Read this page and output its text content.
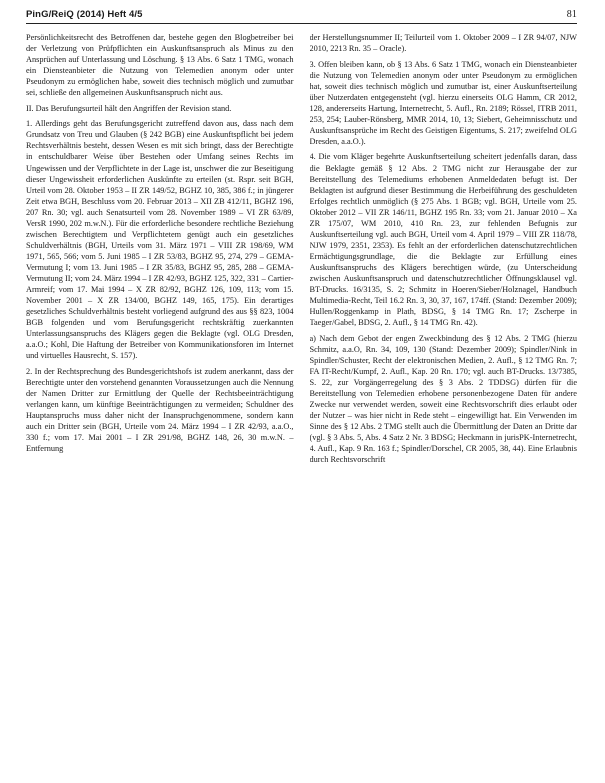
PinG/ReiQ (2014) Heft 4/5	81

Persönlichkeitsrecht des Betroffenen dar, bestehe gegen den Blogbetreiber bei der Verletzung von Prüfpflichten ein Auskunftsanspruch als Minus zu den Ansprüchen auf Unterlassung und Löschung. § 13 Abs. 6 Satz 1 TMG, wonach ein Diensteanbieter die Nutzung von Telemedien anonym oder unter Pseudonym zu ermöglichen habe, soweit dies technisch möglich und zumutbar sei, schließe den allgemeinen Auskunftsanspruch nicht aus.

II. Das Berufungsurteil hält den Angriffen der Revision stand.

1. Allerdings geht das Berufungsgericht zutreffend davon aus, dass nach dem Grundsatz von Treu und Glauben (§ 242 BGB) eine Auskunftspflicht bei jedem Rechtsverhältnis besteht, dessen Wesen es mit sich bringt, dass der Berechtigte in entschuldbarer Weise über Bestehen oder Umfang seines Rechts im Ungewissen und der Verpflichtete in der Lage ist, unschwer die zur Beseitigung dieser Ungewissheit erforderlichen Auskünfte zu erteilen (st. Rspr. seit BGH, Urteil vom 28. Oktober 1953 – II ZR 149/52, BGHZ 10, 385, 386 f.; in jüngerer Zeit etwa BGH, Beschluss vom 20. Februar 2013 – XII ZB 412/11, BGHZ 196, 207 Rn. 30; vgl. auch Senatsurteil vom 28. November 1989 – VI ZR 63/89, VersR 1990, 202 m.w.N.). Für die erforderliche besondere rechtliche Beziehung zwischen Berechtigtem und Verpflichtetem genügt auch ein gesetzliches Schuldverhältnis (BGH, Urteils vom 31. März 1971 – VIII ZR 198/69, WM 1971, 565, 566; vom 5. Juni 1985 – I ZR 53/83, BGHZ 95, 274, 279 – GEMA-Vermutung I; vom 13. Juni 1985 – I ZR 35/83, BGHZ 95, 285, 288 – GEMA-Vermutung II; vom 24. März 1994 – I ZR 42/93, BGHZ 125, 322, 331 – Cartier-Armreif; vom 17. Mai 1994 – X ZR 82/92, BGHZ 126, 109, 113; vom 15. November 2001 – X ZR 134/00, BGHZ 149, 165, 175). Ein derartiges gesetzliches Schuldverhältnis besteht vorliegend aufgrund des aus §§ 823, 1004 BGB folgenden und vom Berufungsgericht rechtskräftig zuerkannten Unterlassungsanspruchs des Klägers gegen die Beklagte (vgl. OLG Dresden, a.a.O.; Kohl, Die Haftung der Betreiber von Kommunikationsforen im Internet und virtuelles Hausrecht, S. 157).

2. In der Rechtsprechung des Bundesgerichtshofs ist zudem anerkannt, dass der Berechtigte unter den vorstehend genannten Voraussetzungen auch die Nennung der Namen Dritter zur Ermittlung der Quelle der Rechtsbeeinträchtigung verlangen kann, um künftige Beeinträchtigungen zu vermeiden; Schuldner des Hauptanspruchs muss daher nicht der Inanspruchgenommene, sondern kann auch ein Dritter sein (BGH, Urteile vom 24. März 1994 – I ZR 42/93, a.a.O., 330 f.; vom 17. Mai 2001 – I ZR 291/98, BGHZ 148, 26, 30 m.w.N. – Entfernung

der Herstellungsnummer II; Teilurteil vom 1. Oktober 2009 – I ZR 94/07, NJW 2010, 2213 Rn. 35 – Oracle).

3. Offen bleiben kann, ob § 13 Abs. 6 Satz 1 TMG, wonach ein Diensteanbieter die Nutzung von Telemedien anonym oder unter Pseudonym zu ermöglichen hat, soweit dies technisch möglich und zumutbar ist, einer Auskunftserteilung über Nutzerdaten entgegensteht (vgl. hierzu einerseits OLG Hamm, CR 2012, 128, andererseits Hartung, Internetrecht, 5. Aufl., Rn. 2189; Rössel, ITRB 2011, 253, 254; Lauber-Rönsberg, MMR 2014, 10, 13; Siebert, Geheimnisschutz und Auskunftsansprüche im Recht des Geistigen Eigentums, S. 217; zweifelnd OLG Dresden, a.a.O.).

4. Die vom Kläger begehrte Auskunftserteilung scheitert jedenfalls daran, dass die Beklagte gemäß § 12 Abs. 2 TMG nicht zur Herausgabe der zur Bereitstellung des Telemediums erhobenen Anmeldedaten befugt ist. Der Beklagten ist aufgrund dieser Bestimmung die Herbeiführung des geschuldeten Erfolges rechtlich unmöglich (§ 275 Abs. 1 BGB; vgl. BGH, Urteile vom 25. Oktober 2012 – VII ZR 146/11, BGHZ 195 Rn. 33; vom 21. Januar 2010 – Xa ZR 175/07, WM 2010, 410 Rn. 23, zur fehlenden Befugnis zur Auskunftserteilung vgl. auch BGH, Urteil vom 4. April 1979 – VIII ZR 118/78, NJW 1979, 2351, 2353). Es fehlt an der erforderlichen datenschutzrechtlichen Ermächtigungsgrundlage, die die Beklagte zur Erfüllung eines Auskunftsanspruchs des Klägers berechtigen würde, (zu Unterscheidung zwischen Auskunftsanspruch und datenschutzrechtlicher Öffnungsklausel vgl. BT-Drucks. 16/3135, S. 2; Schmitz in Hoeren/Sieber/Holznagel, Handbuch Multimedia-Recht, Teil 16.2 Rn. 3, 30, 37, 167, 174ff. (Stand: Dezember 2009); Hullen/Roggenkamp in Plath, BDSG, § 14 TMG Rn. 17; Zscherpe in Taeger/Gabel, BDSG, 2. Aufl., § 14 TMG Rn. 42).

a) Nach dem Gebot der engen Zweckbindung des § 12 Abs. 2 TMG (hierzu Schmitz, a.a.O, Rn. 34, 109, 130 (Stand: Dezember 2009); Spindler/Nink in Spindler/Schuster, Recht der elektronischen Medien, 2. Aufl., § 12 TMG Rn. 7; FA IT-Recht/Kumpf, 2. Aufl., Kap. 20 Rn. 170; vgl. auch BT-Drucks. 13/7385, S. 22, zur Vorgängerregelung des § 3 Abs. 2 TDDSG) dürfen für die Bereitstellung von Telemedien erhobene personenbezogene Daten für andere Zwecke nur verwendet werden, soweit eine Rechtsvorschrift dies erlaubt oder der Nutzer – was hier nicht in Rede steht – eingewilligt hat. Ein Verwenden im Sinne des § 12 Abs. 2 TMG stellt auch die Übermittlung der Daten an Dritte dar (vgl. § 3 Abs. 5, Abs. 4 Satz 2 Nr. 3 BDSG; Heckmann in jurisPK-Internetrecht, 4. Aufl., Kap. 9 Rn. 163 f.; Spindler/Dorschel, CR 2005, 38, 44). Eine Erlaubnis durch Rechtsvorschrift
